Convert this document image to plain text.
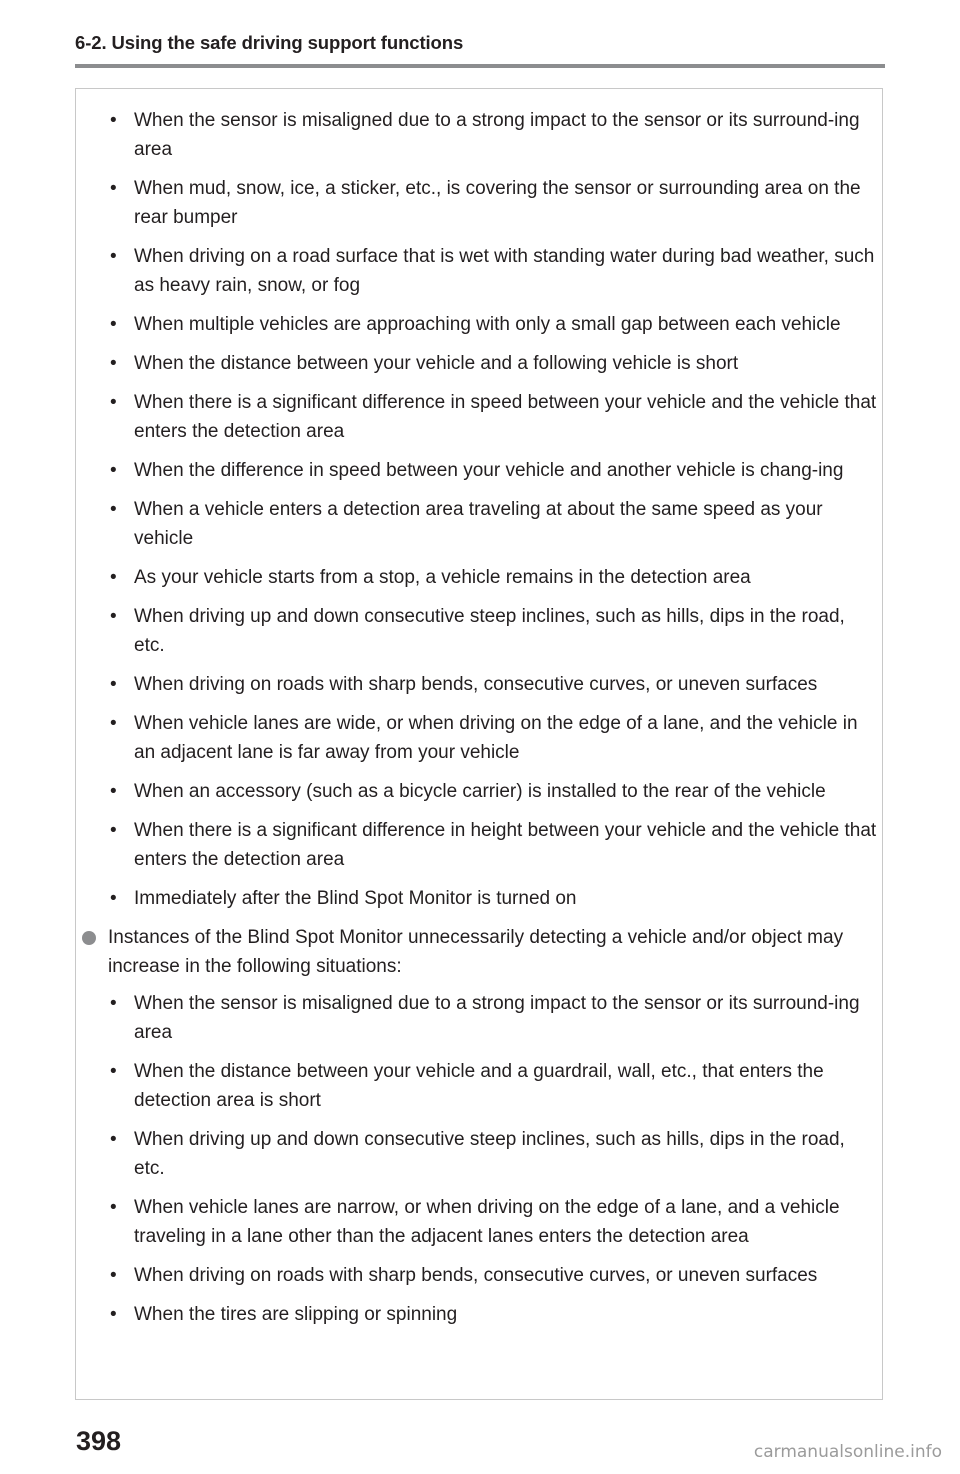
6-2. Using the safe driving support functions
• When the sensor is misaligned due to a strong impact to the sensor or its surround-ing area
• When mud, snow, ice, a sticker, etc., is covering the sensor or surrounding area on the rear bumper
• When driving on a road surface that is wet with standing water during bad weather, such as heavy rain, snow, or fog
• When multiple vehicles are approaching with only a small gap between each vehicle
• When the distance between your vehicle and a following vehicle is short
• When there is a significant difference in speed between your vehicle and the vehicle that enters the detection area
• When the difference in speed between your vehicle and another vehicle is chang-ing
• When a vehicle enters a detection area traveling at about the same speed as your vehicle
• As your vehicle starts from a stop, a vehicle remains in the detection area
• When driving up and down consecutive steep inclines, such as hills, dips in the road, etc.
• When driving on roads with sharp bends, consecutive curves, or uneven surfaces
• When vehicle lanes are wide, or when driving on the edge of a lane, and the vehicle in an adjacent lane is far away from your vehicle
• When an accessory (such as a bicycle carrier) is installed to the rear of the vehicle
• When there is a significant difference in height between your vehicle and the vehicle that enters the detection area
• Immediately after the Blind Spot Monitor is turned on
Instances of the Blind Spot Monitor unnecessarily detecting a vehicle and/or object may increase in the following situations:
• When the sensor is misaligned due to a strong impact to the sensor or its surround-ing area
• When the distance between your vehicle and a guardrail, wall, etc., that enters the detection area is short
• When driving up and down consecutive steep inclines, such as hills, dips in the road, etc.
• When vehicle lanes are narrow, or when driving on the edge of a lane, and a vehicle traveling in a lane other than the adjacent lanes enters the detection area
• When driving on roads with sharp bends, consecutive curves, or uneven surfaces
• When the tires are slipping or spinning
398	carmanualsonline.info
